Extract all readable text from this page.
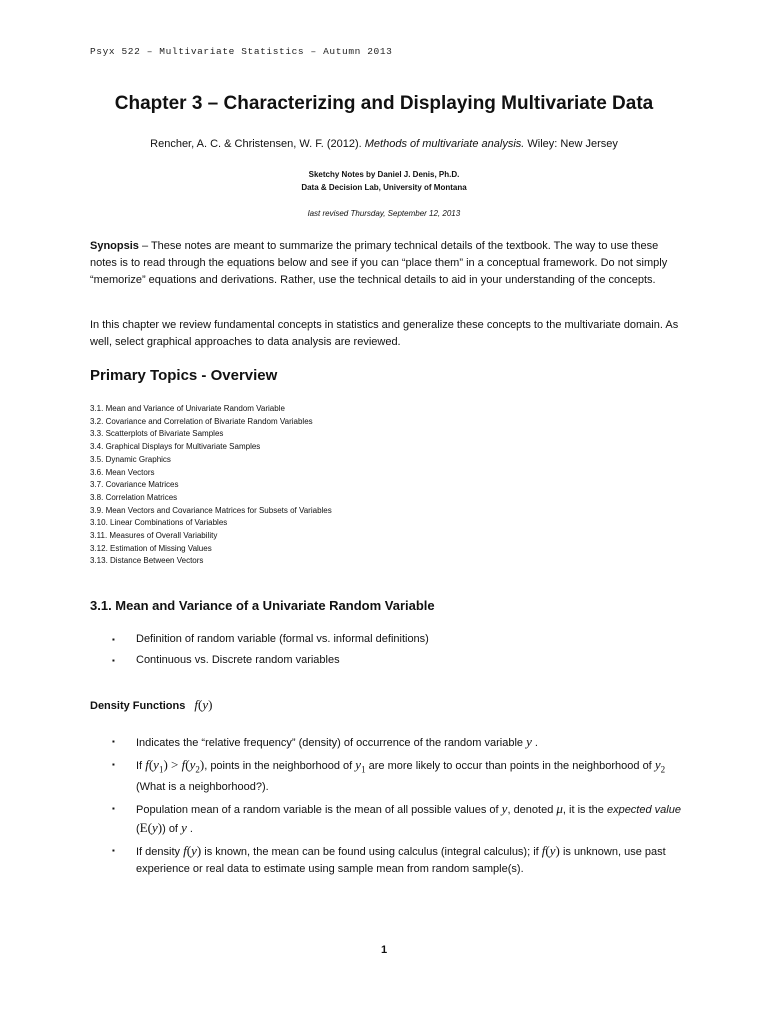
Psyx 522 – Multivariate Statistics – Autumn 2013
Chapter 3 – Characterizing and Displaying Multivariate Data
Rencher, A. C. & Christensen, W. F. (2012). Methods of multivariate analysis. Wiley: New Jersey
Sketchy Notes by Daniel J. Denis, Ph.D.
Data & Decision Lab, University of Montana
last revised Thursday, September 12, 2013
Synopsis – These notes are meant to summarize the primary technical details of the textbook. The way to use these notes is to read through the equations below and see if you can “place them” in a conceptual framework. Do not simply “memorize” equations and derivations. Rather, use the technical details to aid in your understanding of the concepts.
In this chapter we review fundamental concepts in statistics and generalize these concepts to the multivariate domain. As well, select graphical approaches to data analysis are reviewed.
Primary Topics - Overview
3.1. Mean and Variance of Univariate Random Variable
3.2. Covariance and Correlation of Bivariate Random Variables
3.3. Scatterplots of Bivariate Samples
3.4. Graphical Displays for Multivariate Samples
3.5. Dynamic Graphics
3.6. Mean Vectors
3.7. Covariance Matrices
3.8. Correlation Matrices
3.9. Mean Vectors and Covariance Matrices for Subsets of Variables
3.10. Linear Combinations of Variables
3.11. Measures of Overall Variability
3.12. Estimation of Missing Values
3.13. Distance Between Vectors
3.1. Mean and Variance of a Univariate Random Variable
▪ Definition of random variable (formal vs. informal definitions)
▪ Continuous vs. Discrete random variables
Density Functions f(y)
▪ Indicates the “relative frequency” (density) of occurrence of the random variable y .
▪ If $f(y_1) > f(y_2)$, points in the neighborhood of $y_1$ are more likely to occur than points in the neighborhood of $y_2$ (What is a neighborhood?).
▪ Population mean of a random variable is the mean of all possible values of y, denoted μ, it is the expected value (E(y)) of y .
▪ If density f(y) is known, the mean can be found using calculus (integral calculus); if f(y) is unknown, use past experience or real data to estimate using sample mean from random sample(s).
1
